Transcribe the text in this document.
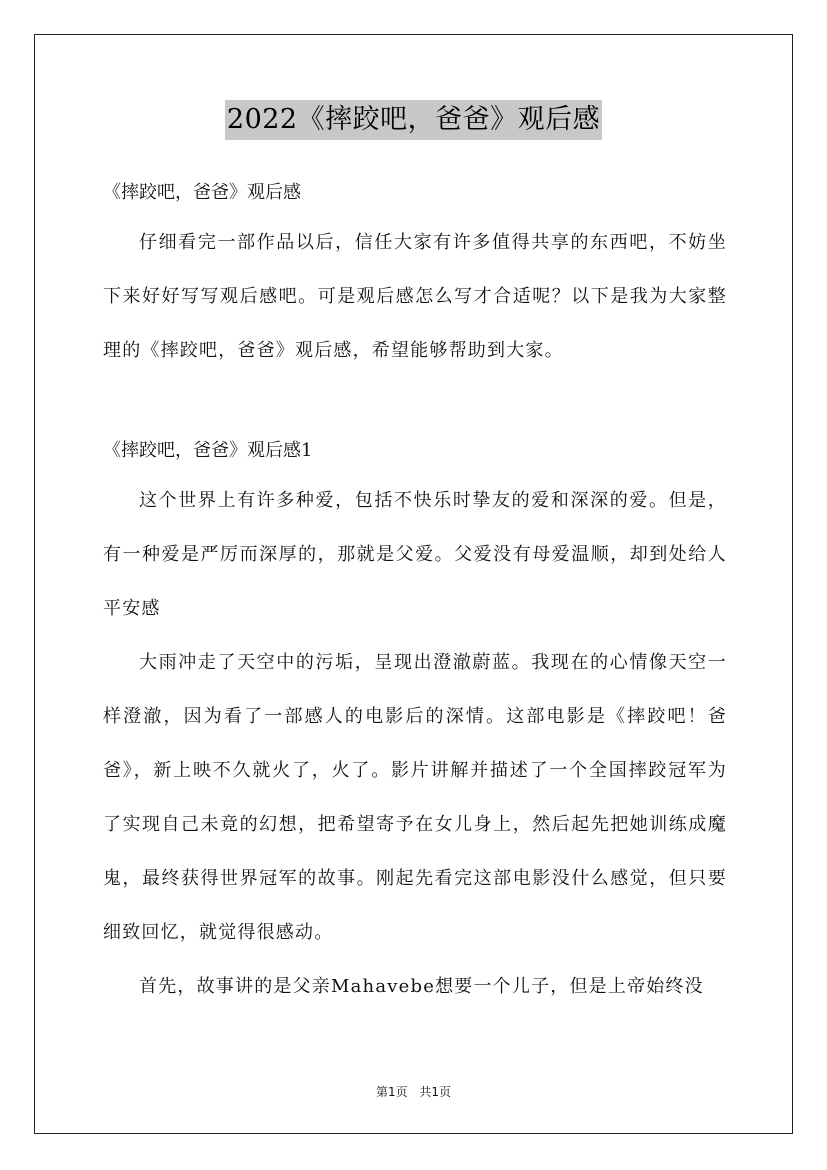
2022《摔跤吧，爸爸》观后感

《摔跤吧，爸爸》观后感

仔细看完一部作品以后，信任大家有许多值得共享的东西吧，不妨坐下来好好写写观后感吧。可是观后感怎么写才合适呢？以下是我为大家整理的《摔跤吧，爸爸》观后感，希望能够帮助到大家。

《摔跤吧，爸爸》观后感1

这个世界上有许多种爱，包括不快乐时挚友的爱和深深的爱。但是，有一种爱是严厉而深厚的，那就是父爱。父爱没有母爱温顺，却到处给人平安感

大雨冲走了天空中的污垢，呈现出澄澈蔚蓝。我现在的心情像天空一样澄澈，因为看了一部感人的电影后的深情。这部电影是《摔跤吧！爸爸》，新上映不久就火了，火了。影片讲解并描述了一个全国摔跤冠军为了实现自己未竟的幻想，把希望寄予在女儿身上，然后起先把她训练成魔鬼，最终获得世界冠军的故事。刚起先看完这部电影没什么感觉，但只要细致回忆，就觉得很感动。

首先，故事讲的是父亲Mahavebe想要一个儿子，但是上帝始终没

第1页 共1页
